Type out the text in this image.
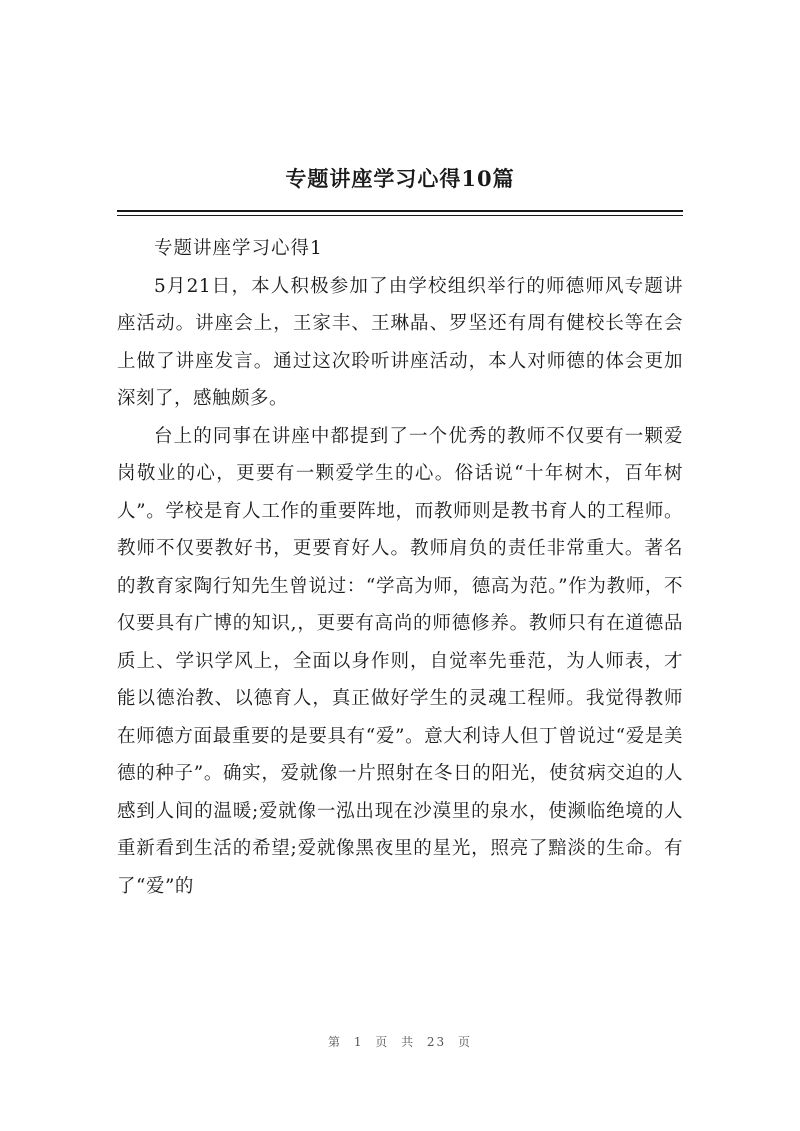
专题讲座学习心得10篇

专题讲座学习心得1

5月21日，本人积极参加了由学校组织举行的师德师风专题讲座活动。讲座会上，王家丰、王琳晶、罗坚还有周有健校长等在会上做了讲座发言。通过这次聆听讲座活动，本人对师德的体会更加深刻了，感触颇多。

台上的同事在讲座中都提到了一个优秀的教师不仅要有一颗爱岗敬业的心，更要有一颗爱学生的心。俗话说“十年树木，百年树人”。学校是育人工作的重要阵地，而教师则是教书育人的工程师。教师不仅要教好书，更要育好人。教师肩负的责任非常重大。著名的教育家陶行知先生曾说过：“学高为师，德高为范。”作为教师，不仅要具有广博的知识,，更要有高尚的师德修养。教师只有在道德品质上、学识学风上，全面以身作则，自觉率先垂范，为人师表，才能以德治教、以德育人，真正做好学生的灵魂工程师。我觉得教师在师德方面最重要的是要具有“爱”。意大利诗人但丁曾说过“爱是美德的种子”。确实，爱就像一片照射在冬日的阳光，使贫病交迫的人感到人间的温暖;爱就像一泓出现在沙漠里的泉水，使濒临绝境的人重新看到生活的希望;爱就像黑夜里的星光，照亮了黯淡的生命。有了“爱”的

第 1 页 共 23 页
